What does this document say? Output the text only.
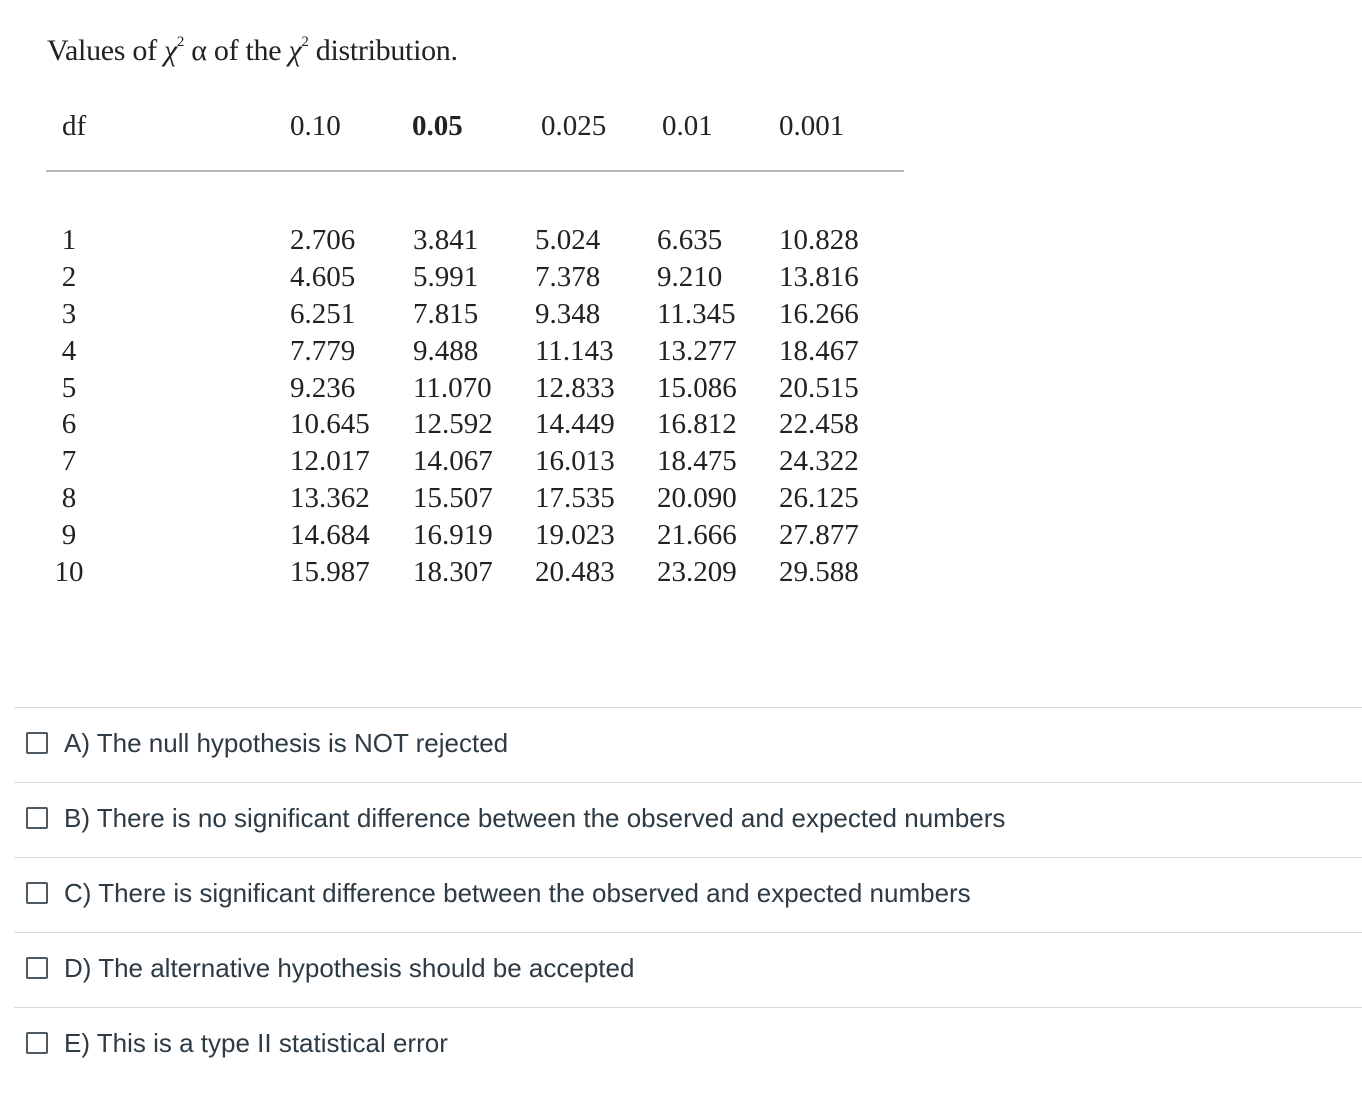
Values of $\chi^2$ α of the $\chi^2$ distribution.
df	0.10 0.05	0.025 0.01 0.001
1
2
3
4
5
6
7
8
9
10
2.706
4.605
6.251
7.779
9.236
10.645
12.017
13.362
14.684
15.987
3.841
5.991
7.815
9.488
11.070
12.592
14.067
15.507
16.919
18.307
5.024
7.378
9.348
11.143
12.833
14.449
16.013
17.535
19.023
20.483
6.635
9.210
11.345
13.277
15.086
16.812
18.475
20.090
21.666
23.209
10.828
13.816
16.266
18.467
20.515
22.458
24.322
26.125
27.877
29.588
A) The null hypothesis is NOT rejected
B) There is no significant difference between the observed and expected numbers
C) There is significant difference between the observed and expected numbers
D) The alternative hypothesis should be accepted
E) This is a type II statistical error
